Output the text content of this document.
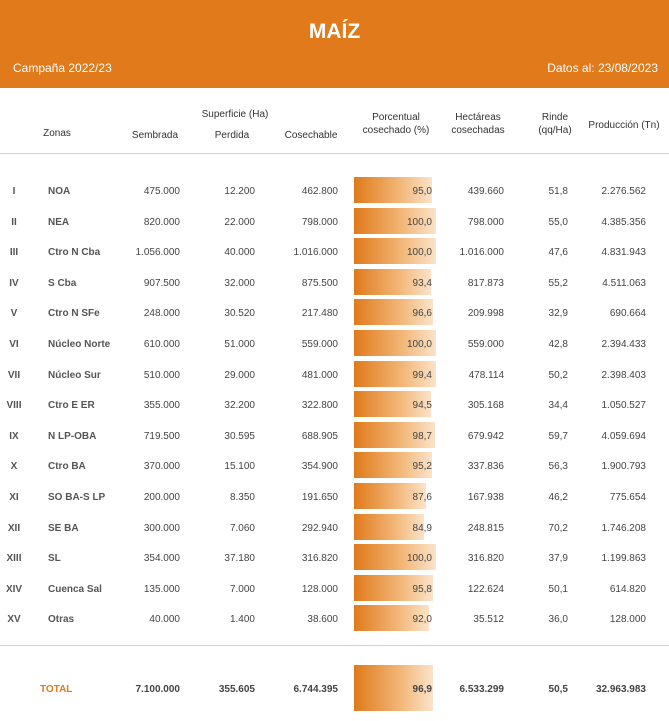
MAÍZ
Campaña 2022/23	Datos al: 23/08/2023
Zonas
Superficie (Ha)
Sembrada	Perdida	Cosechable
Porcentual
cosechado (%)
Hectáreas
cosechadas
Rinde
(qq/Ha)	Producción (Tn)
I	NOA	475.000	12.200	462.800	95,0	439.660	51,8	2.276.562
II	NEA	820.000	22.000	798.000	100,0	798.000	55,0	4.385.356
III	Ctro N Cba	1.056.000	40.000	1.016.000	100,0	1.016.000	47,6	4.831.943
IV	S Cba	907.500	32.000	875.500	93,4	817.873	55,2	4.511.063
V	Ctro N SFe	248.000	30.520	217.480	96,6	209.998	32,9	690.664
VI	Núcleo Norte	610.000	51.000	559.000	100,0	559.000	42,8	2.394.433
VII	Núcleo Sur	510.000	29.000	481.000	99,4	478.114	50,2	2.398.403
VIII	Ctro E ER	355.000	32.200	322.800	94,5	305.168	34,4	1.050.527
IX	N LP-OBA	719.500	30.595	688.905	98,7	679.942	59,7	4.059.694
X	Ctro BA	370.000	15.100	354.900	95,2	337.836	56,3	1.900.793
XI	SO BA-S LP	200.000	8.350	191.650	87,6	167.938	46,2	775.654
XII	SE BA	300.000	7.060	292.940	84,9	248.815	70,2	1.746.208
XIII	SL	354.000	37.180	316.820	100,0	316.820	37,9	1.199.863
XIV	Cuenca Sal	135.000	7.000	128.000	95,8	122.624	50,1	614.820
XV	Otras	40.000	1.400	38.600	92,0	35.512	36,0	128.000
TOTAL	7.100.000	355.605	6.744.395	96,9	6.533.299	50,5	32.963.983
